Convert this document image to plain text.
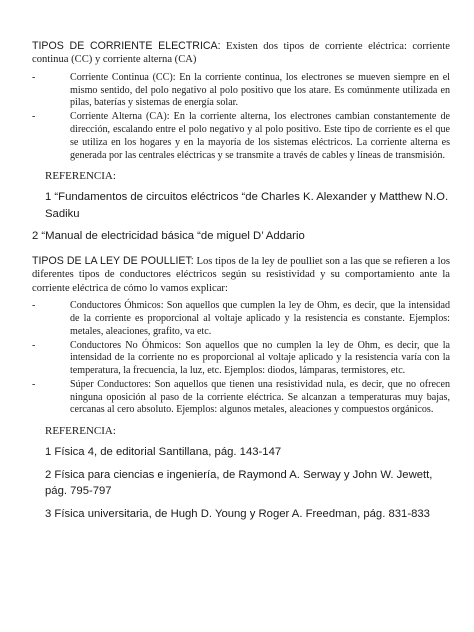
TIPOS DE CORRIENTE ELECTRICA: Existen dos tipos de corriente eléctrica: corriente continua (CC) y corriente alterna (CA)

-	Corriente Continua (CC): En la corriente continua, los electrones se mueven siempre en el mismo sentido, del polo negativo al polo positivo que los atare. Es comúnmente utilizada en pilas, baterías y sistemas de energía solar.
-	Corriente Alterna (CA): En la corriente alterna, los electrones cambian constantemente de dirección, escalando entre el polo negativo y al polo positivo. Este tipo de corriente es el que se utiliza en los hogares y en la mayoría de los sistemas eléctricos. La corriente alterna es generada por las centrales eléctricas y se transmite a través de cables y líneas de transmisión.

REFERENCIA:

1 “Fundamentos de circuitos eléctricos “de Charles K. Alexander y Matthew N.O. Sadiku

2 “Manual de electricidad básica “de miguel D’ Addario

TIPOS DE LA LEY DE POULLIET: Los tipos de la ley de poulliet son a las que se refieren a los diferentes tipos de conductores eléctricos según su resistividad y su comportamiento ante la corriente eléctrica de cómo lo vamos explicar:

-	Conductores Óhmicos: Son aquellos que cumplen la ley de Ohm, es decir, que la intensidad de la corriente es proporcional al voltaje aplicado y la resistencia es constante. Ejemplos: metales, aleaciones, grafito, va etc.
-	Conductores No Óhmicos: Son aquellos que no cumplen la ley de Ohm, es decir, que la intensidad de la corriente no es proporcional al voltaje aplicado y la resistencia varía con la temperatura, la frecuencia, la luz, etc. Ejemplos: diodos, lámparas, termistores, etc.
-	Súper Conductores: Son aquellos que tienen una resistividad nula, es decir, que no ofrecen ninguna oposición al paso de la corriente eléctrica. Se alcanzan a temperaturas muy bajas, cercanas al cero absoluto. Ejemplos: algunos metales, aleaciones y compuestos orgánicos.

REFERENCIA:

1 Física 4, de editorial Santillana, pág. 143-147

2 Física para ciencias e ingeniería, de Raymond A. Serway y John W. Jewett, pág. 795-797

3 Física universitaria, de Hugh D. Young y Roger A. Freedman, pág. 831-833
